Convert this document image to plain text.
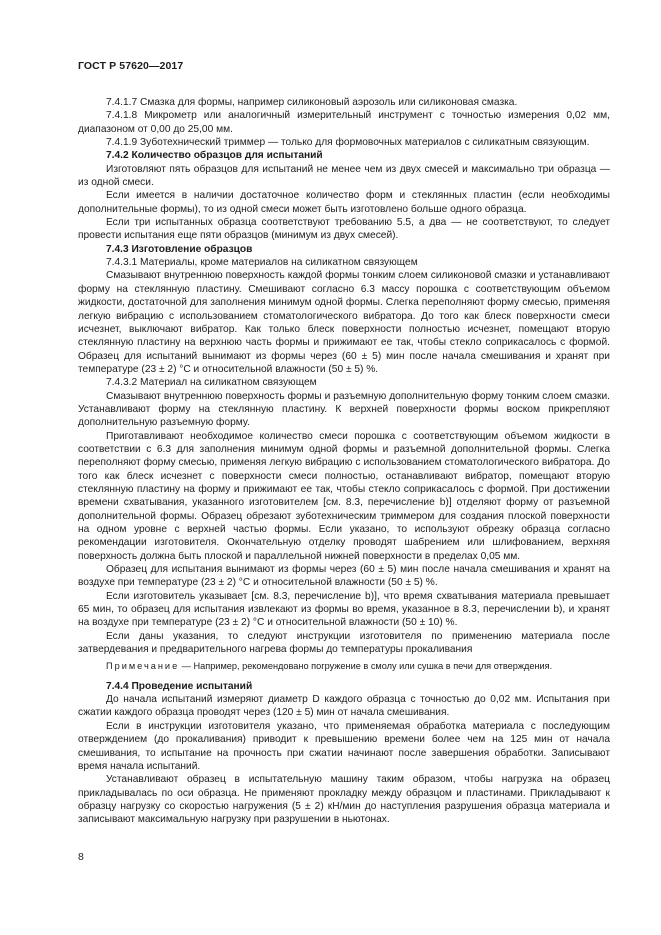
ГОСТ Р 57620—2017

7.4.1.7 Смазка для формы, например силиконовый аэрозоль или силиконовая смазка.

7.4.1.8 Микрометр или аналогичный измерительный инструмент с точностью измерения 0,02 мм, диапазоном от 0,00 до 25,00 мм.

7.4.1.9 Зуботехнический триммер — только для формовочных материалов с силикатным связующим.

7.4.2 Количество образцов для испытаний

Изготовляют пять образцов для испытаний не менее чем из двух смесей и максимально три образца — из одной смеси.

Если имеется в наличии достаточное количество форм и стеклянных пластин (если необходимы дополнительные формы), то из одной смеси может быть изготовлено больше одного образца.

Если три испытанных образца соответствуют требованию 5.5, а два — не соответствуют, то следует провести испытания еще пяти образцов (минимум из двух смесей).

7.4.3 Изготовление образцов

7.4.3.1 Материалы, кроме материалов на силикатном связующем

Смазывают внутреннюю поверхность каждой формы тонким слоем силиконовой смазки и устанавливают форму на стеклянную пластину. Смешивают согласно 6.3 массу порошка с соответствующим объемом жидкости, достаточной для заполнения минимум одной формы. Слегка переполняют форму смесью, применяя легкую вибрацию с использованием стоматологического вибратора. До того как блеск поверхности смеси исчезнет, выключают вибратор. Как только блеск поверхности полностью исчезнет, помещают вторую стеклянную пластину на верхнюю часть формы и прижимают ее так, чтобы стекло соприкасалось с формой. Образец для испытаний вынимают из формы через (60 ± 5) мин после начала смешивания и хранят при температуре (23 ± 2) °С и относительной влажности (50 ± 5) %.

7.4.3.2 Материал на силикатном связующем

Смазывают внутреннюю поверхность формы и разъемную дополнительную форму тонким слоем смазки. Устанавливают форму на стеклянную пластину. К верхней поверхности формы воском прикрепляют дополнительную разъемную форму.

Приготавливают необходимое количество смеси порошка с соответствующим объемом жидкости в соответствии с 6.3 для заполнения минимум одной формы и разъемной дополнительной формы. Слегка переполняют форму смесью, применяя легкую вибрацию с использованием стоматологического вибратора. До того как блеск исчезнет с поверхности смеси полностью, останавливают вибратор, помещают вторую стеклянную пластину на форму и прижимают ее так, чтобы стекло соприкасалось с формой. При достижении времени схватывания, указанного изготовителем [см. 8.3, перечисление b)] отделяют форму от разъемной дополнительной формы. Образец обрезают зуботехническим триммером для создания плоской поверхности на одном уровне с верхней частью формы. Если указано, то используют обрезку образца согласно рекомендации изготовителя. Окончательную отделку проводят шабрением или шлифованием, верхняя поверхность должна быть плоской и параллельной нижней поверхности в пределах 0,05 мм.

Образец для испытания вынимают из формы через (60 ± 5) мин после начала смешивания и хранят на воздухе при температуре (23 ± 2) °С и относительной влажности (50 ± 5) %.

Если изготовитель указывает [см. 8.3, перечисление b)], что время схватывания материала превышает 65 мин, то образец для испытания извлекают из формы во время, указанное в 8.3, перечислении b), и хранят на воздухе при температуре (23 ± 2) °С и относительной влажности (50 ± 10) %.

Если даны указания, то следуют инструкции изготовителя по применению материала после затвердевания и предварительного нагрева формы до температуры прокаливания

Примечание — Например, рекомендовано погружение в смолу или сушка в печи для отверждения.

7.4.4 Проведение испытаний

До начала испытаний измеряют диаметр D каждого образца с точностью до 0,02 мм. Испытания при сжатии каждого образца проводят через (120 ± 5) мин от начала смешивания.

Если в инструкции изготовителя указано, что применяемая обработка материала с последующим отверждением (до прокаливания) приводит к превышению времени более чем на 125 мин от начала смешивания, то испытание на прочность при сжатии начинают после завершения обработки. Записывают время начала испытаний.

Устанавливают образец в испытательную машину таким образом, чтобы нагрузка на образец прикладывалась по оси образца. Не применяют прокладку между образцом и пластинами. Прикладывают к образцу нагрузку со скоростью нагружения (5 ± 2) кН/мин до наступления разрушения образца материала и записывают максимальную нагрузку при разрушении в ньютонах.

8
